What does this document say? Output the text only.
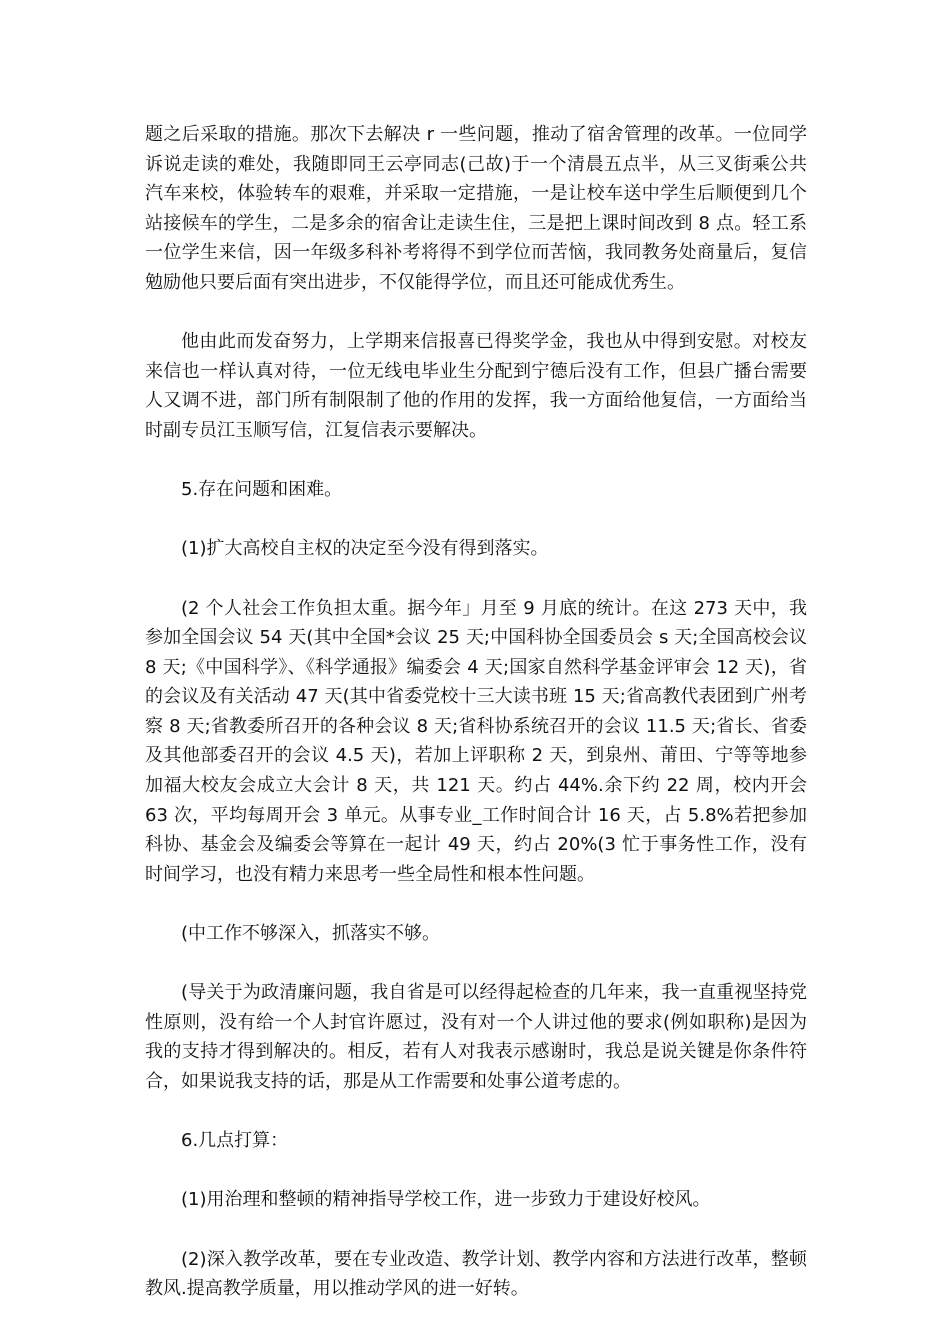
题之后采取的措施。那次下去解决 r 一些问题，推动了宿舍管理的改革。一位同学诉说走读的难处，我随即同王云亭同志(己故)于一个清晨五点半，从三叉街乘公共汽车来校，体验转车的艰难，并采取一定措施，一是让校车送中学生后顺便到几个站接候车的学生，二是多余的宿舍让走读生住，三是把上课时间改到 8 点。轻工系一位学生来信，因一年级多科补考将得不到学位而苦恼，我同教务处商量后，复信勉励他只要后面有突出进步，不仅能得学位，而且还可能成优秀生。

他由此而发奋努力，上学期来信报喜已得奖学金，我也从中得到安慰。对校友来信也一样认真对待，一位无线电毕业生分配到宁德后没有工作，但县广播台需要人又调不进，部门所有制限制了他的作用的发挥，我一方面给他复信，一方面给当时副专员江玉顺写信，江复信表示要解决。

5.存在问题和困难。

(1)扩大高校自主权的决定至今没有得到落实。

(2 个人社会工作负担太重。据今年」月至 9 月底的统计。在这 273 天中，我参加全国会议 54 天(其中全国*会议 25 天;中国科协全国委员会 s 天;全国高校会议 8 天;《中国科学》、《科学通报》编委会 4 天;国家自然科学基金评审会 12 天)，省的会议及有关活动 47 天(其中省委党校十三大读书班 15 天;省高教代表团到广州考察 8 天;省教委所召开的各种会议 8 天;省科协系统召开的会议 11.5 天;省长、省委及其他部委召开的会议 4.5 天)，若加上评职称 2 天，到泉州、莆田、宁等等地参加福大校友会成立大会计 8 天，共 121 天。约占 44%.余下约 22 周，校内开会 63 次，平均每周开会 3 单元。从事专业_工作时间合计 16 天，占 5.8%若把参加科协、基金会及编委会等算在一起计 49 天，约占 20%(3 忙于事务性工作，没有时间学习，也没有精力来思考一些全局性和根本性问题。

(中工作不够深入，抓落实不够。

(导关于为政清廉问题，我自省是可以经得起检查的几年来，我一直重视坚持党性原则，没有给一个人封官许愿过，没有对一个人讲过他的要求(例如职称)是因为我的支持才得到解决的。相反，若有人对我表示感谢时，我总是说关键是你条件符合，如果说我支持的话，那是从工作需要和处事公道考虑的。

6.几点打算：

(1)用治理和整顿的精神指导学校工作，进一步致力于建设好校风。

(2)深入教学改革，要在专业改造、教学计划、教学内容和方法进行改革，整顿教风.提高教学质量，用以推动学风的进一好转。
